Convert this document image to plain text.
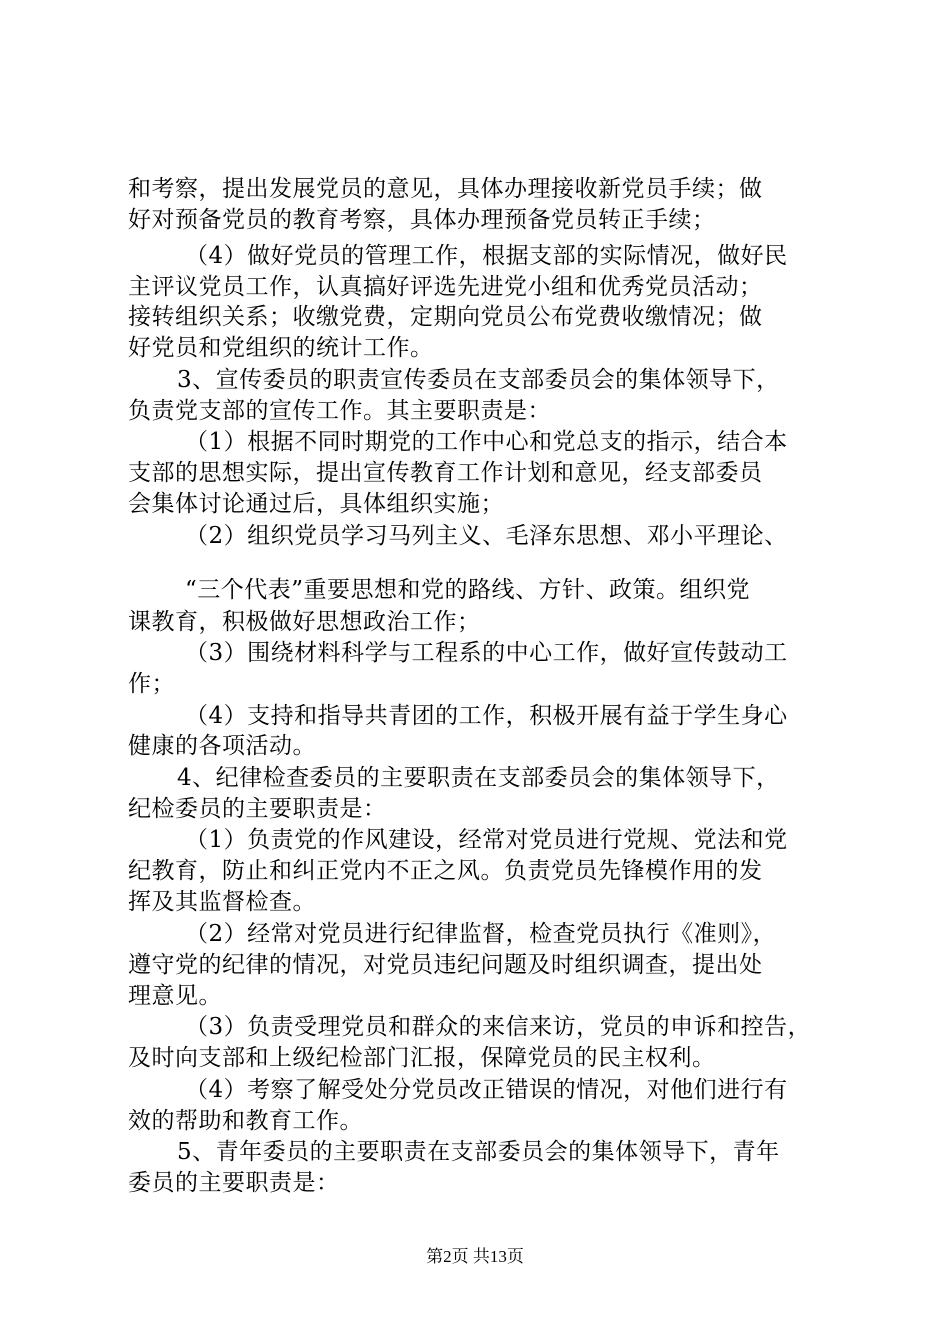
和考察，提出发展党员的意见，具体办理接收新党员手续；做
好对预备党员的教育考察，具体办理预备党员转正手续；
（4）做好党员的管理工作，根据支部的实际情况，做好民
主评议党员工作，认真搞好评选先进党小组和优秀党员活动；
接转组织关系；收缴党费，定期向党员公布党费收缴情况；做
好党员和党组织的统计工作。
3、宣传委员的职责宣传委员在支部委员会的集体领导下，
负责党支部的宣传工作。其主要职责是：
（1）根据不同时期党的工作中心和党总支的指示，结合本
支部的思想实际，提出宣传教育工作计划和意见，经支部委员
会集体讨论通过后，具体组织实施；
（2）组织党员学习马列主义、毛泽东思想、邓小平理论、
“三个代表”重要思想和党的路线、方针、政策。组织党
课教育，积极做好思想政治工作；
（3）围绕材料科学与工程系的中心工作，做好宣传鼓动工
作；
（4）支持和指导共青团的工作，积极开展有益于学生身心
健康的各项活动。
4、纪律检查委员的主要职责在支部委员会的集体领导下，
纪检委员的主要职责是：
（1）负责党的作风建设，经常对党员进行党规、党法和党
纪教育，防止和纠正党内不正之风。负责党员先锋模作用的发
挥及其监督检查。
（2）经常对党员进行纪律监督，检查党员执行《准则》，
遵守党的纪律的情况，对党员违纪问题及时组织调查，提出处
理意见。
（3）负责受理党员和群众的来信来访，党员的申诉和控告，
及时向支部和上级纪检部门汇报，保障党员的民主权利。
（4）考察了解受处分党员改正错误的情况，对他们进行有
效的帮助和教育工作。
5、青年委员的主要职责在支部委员会的集体领导下，青年
委员的主要职责是：
第2页 共13页
